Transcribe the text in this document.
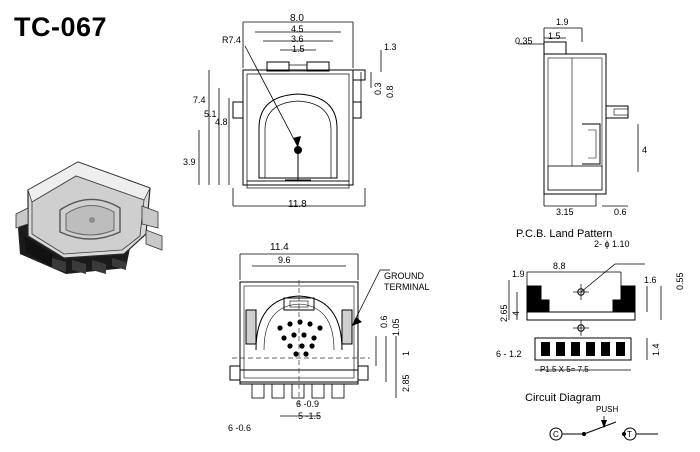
TC-067	8.0
4.5
3.6
1.5
R7.4
1.3
0.3 0.8
7.4
5.1
4.8
3.9
11.8
1.9
1.5
0.35
4
3.15	0.6
P.C.B. Land Pattern
11.4
9.6
0.6 1.05
2.85
1
6 -0.9
5 -1.5
6 -0.6
GROUND
TERMINAL
2- ϕ 1.10
8.8
1.9
1.6 0.55
2.65 4
1.4
6 - 1.2
P1.5 X 5= 7.5
Circuit Diagram
PUSH
C	T
